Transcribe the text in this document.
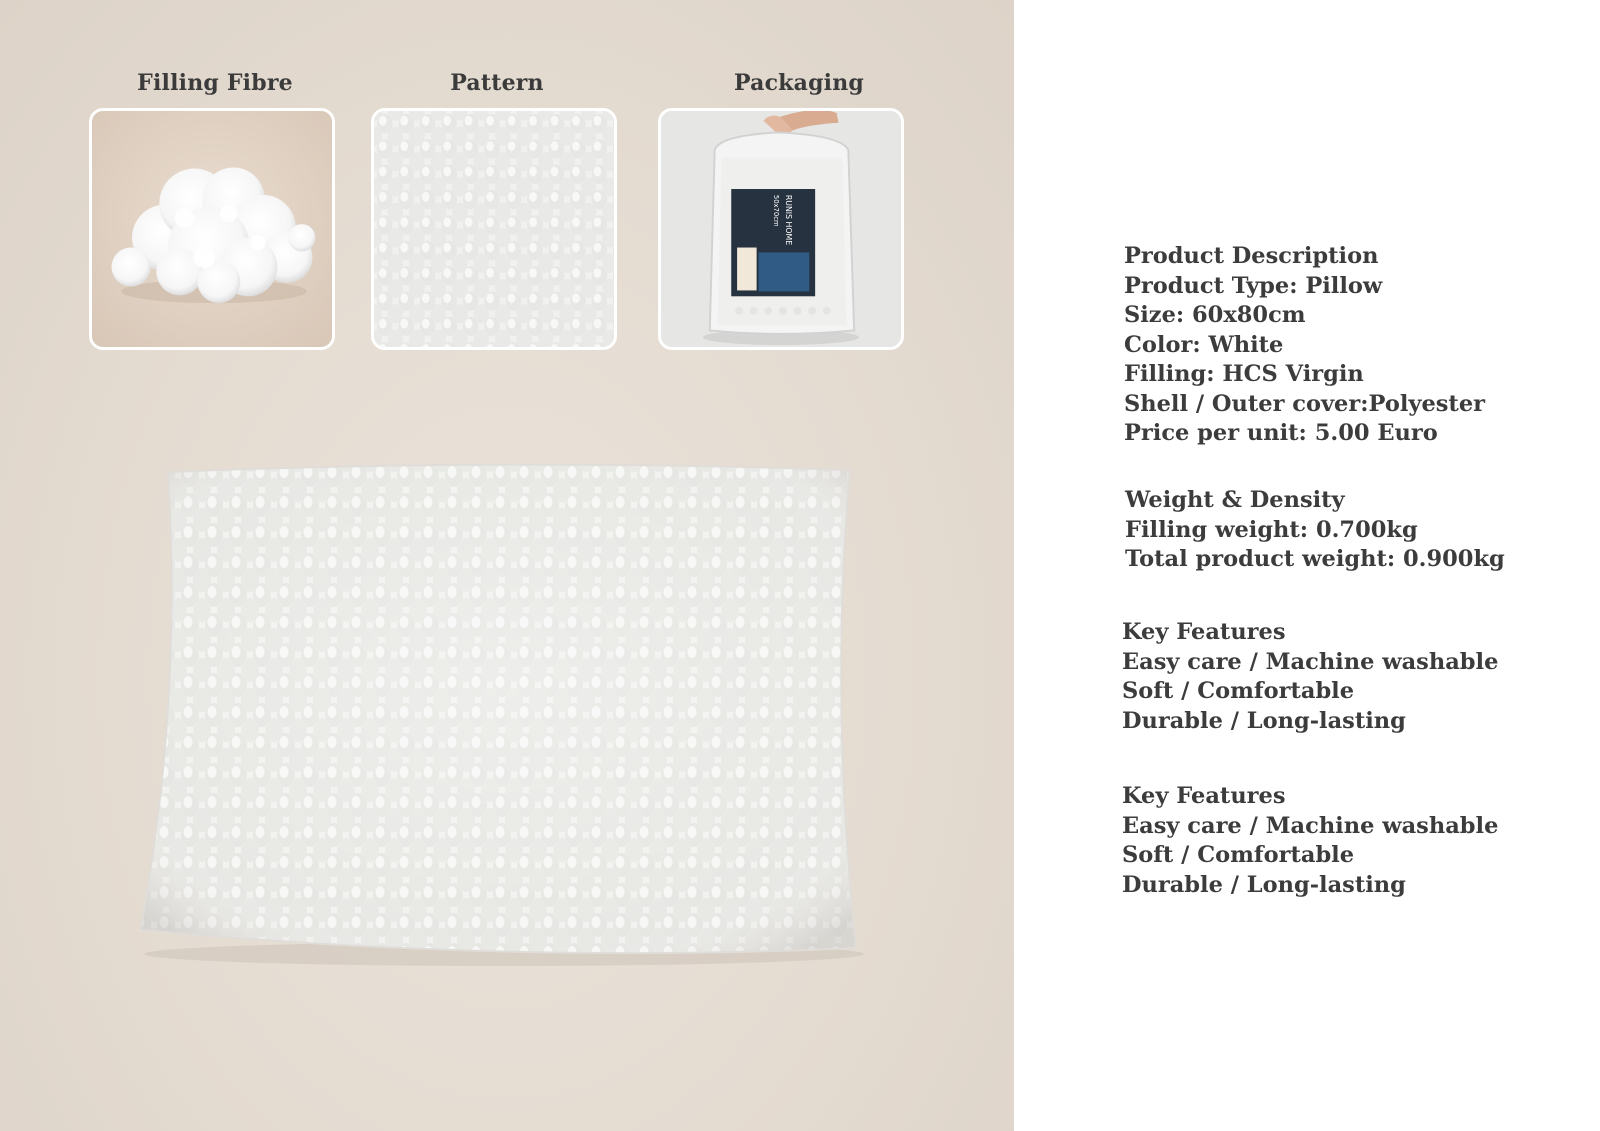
Filling Fibre	Pattern	Packaging
RUNIS HOME
50x70cm
Product Description
Product Type: Pillow
Size: 60x80cm
Color: White
Filling: HCS Virgin
Shell / Outer cover:Polyester
Price per unit: 5.00 Euro
Weight & Density
Filling weight: 0.700kg
Total product weight: 0.900kg
Key Features
Easy care / Machine washable
Soft / Comfortable
Durable / Long-lasting
Key Features
Easy care / Machine washable
Soft / Comfortable
Durable / Long-lasting
